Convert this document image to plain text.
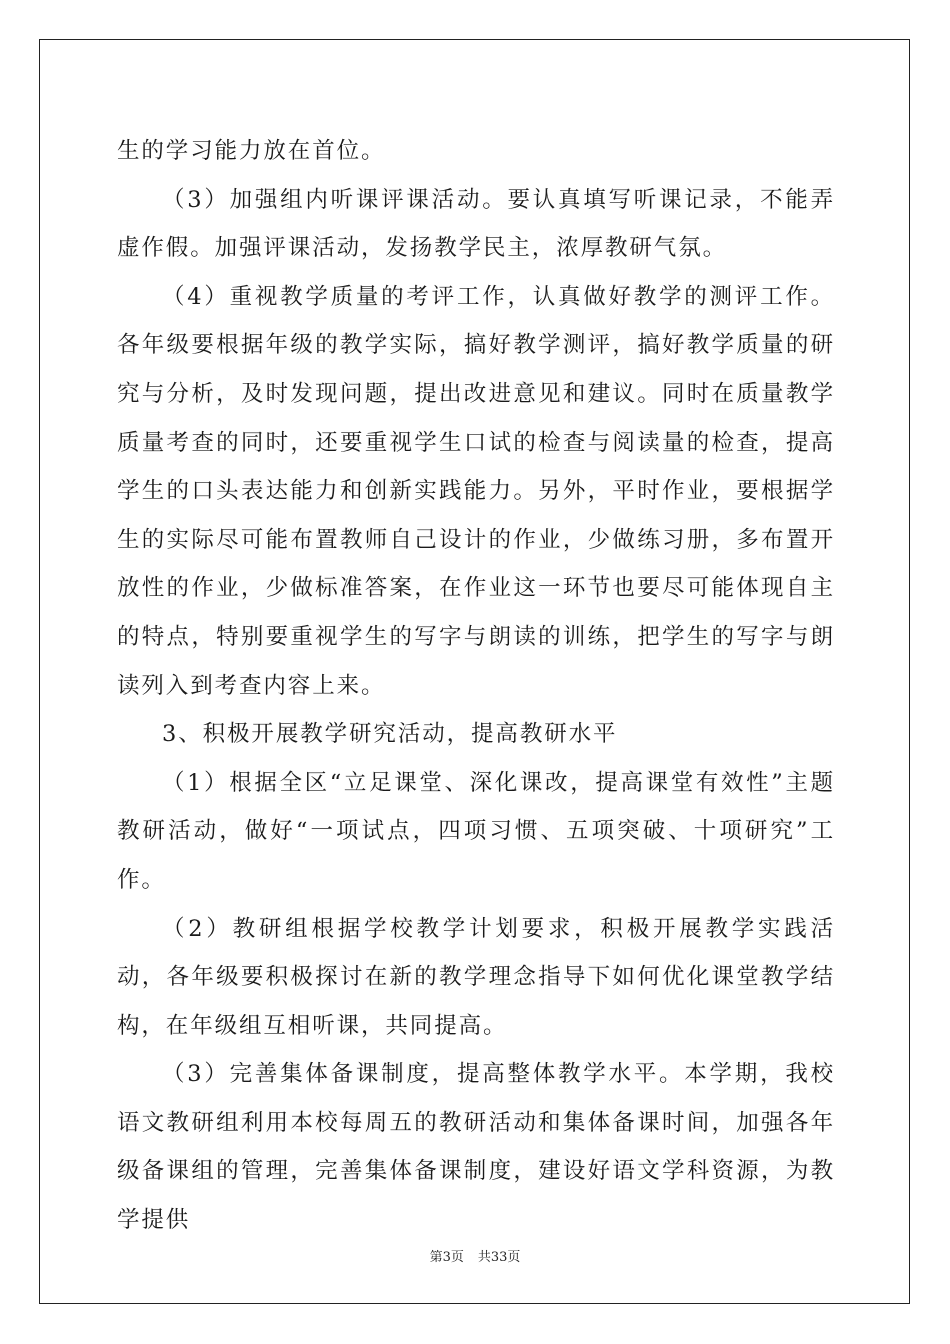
生的学习能力放在首位。

（3）加强组内听课评课活动。要认真填写听课记录，不能弄虚作假。加强评课活动，发扬教学民主，浓厚教研气氛。

（4）重视教学质量的考评工作，认真做好教学的测评工作。各年级要根据年级的教学实际，搞好教学测评，搞好教学质量的研究与分析，及时发现问题，提出改进意见和建议。同时在质量教学质量考查的同时，还要重视学生口试的检查与阅读量的检查，提高学生的口头表达能力和创新实践能力。另外，平时作业，要根据学生的实际尽可能布置教师自己设计的作业，少做练习册，多布置开放性的作业，少做标准答案，在作业这一环节也要尽可能体现自主的特点，特别要重视学生的写字与朗读的训练，把学生的写字与朗读列入到考查内容上来。

3、积极开展教学研究活动，提高教研水平

（1）根据全区“立足课堂、深化课改，提高课堂有效性”主题教研活动，做好“一项试点，四项习惯、五项突破、十项研究”工作。

（2）教研组根据学校教学计划要求，积极开展教学实践活动，各年级要积极探讨在新的教学理念指导下如何优化课堂教学结构，在年级组互相听课，共同提高。

（3）完善集体备课制度，提高整体教学水平。本学期，我校语文教研组利用本校每周五的教研活动和集体备课时间，加强各年级备课组的管理，完善集体备课制度，建设好语文学科资源，为教学提供

第3页 共33页
